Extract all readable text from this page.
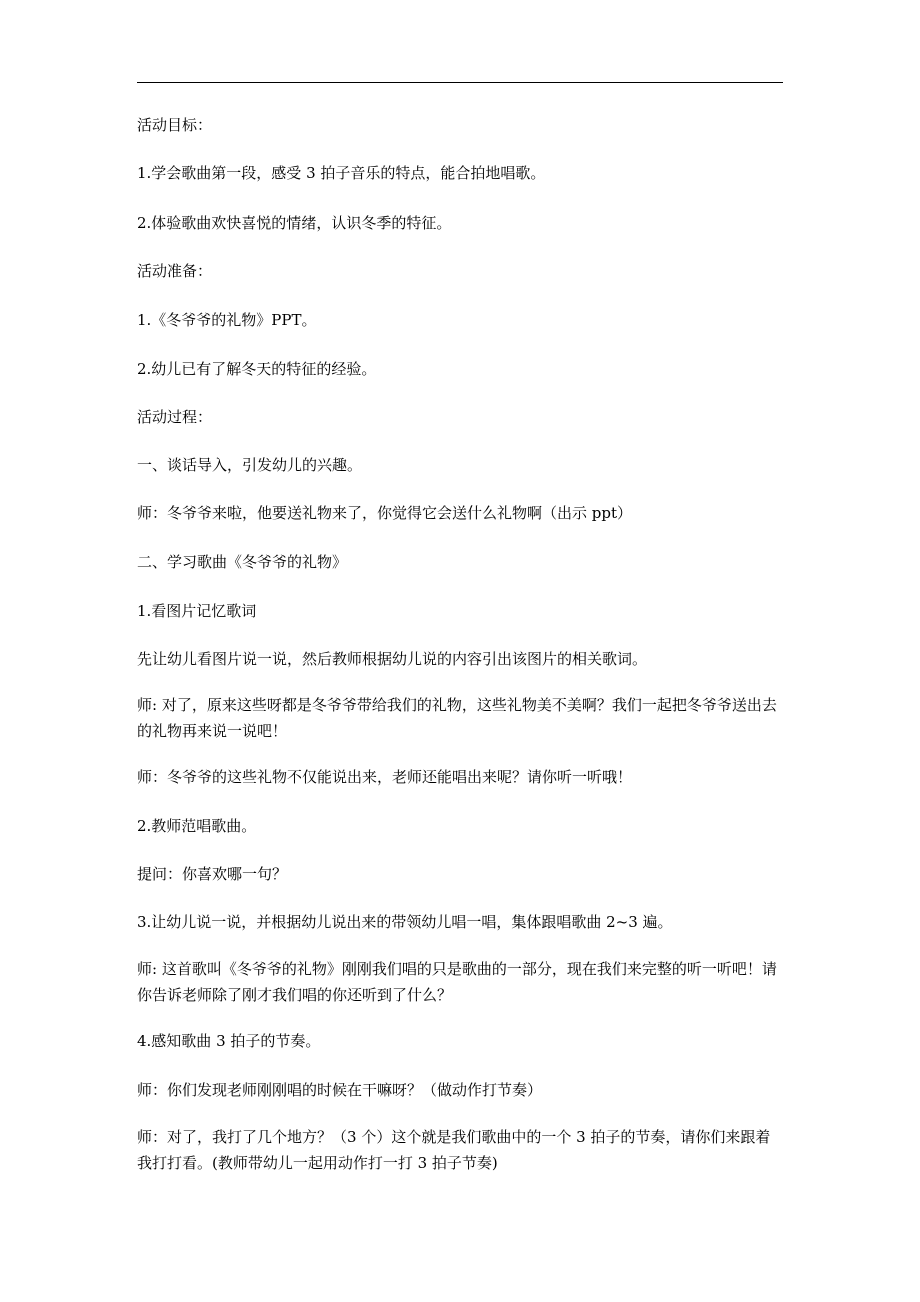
活动目标：
1.学会歌曲第一段，感受 3 拍子音乐的特点，能合拍地唱歌。
2.体验歌曲欢快喜悦的情绪，认识冬季的特征。
活动准备：
1.《冬爷爷的礼物》PPT。
2.幼儿已有了解冬天的特征的经验。
活动过程：
一、谈话导入，引发幼儿的兴趣。
师：冬爷爷来啦，他要送礼物来了，你觉得它会送什么礼物啊（出示 ppt）
二、学习歌曲《冬爷爷的礼物》
1.看图片记忆歌词
先让幼儿看图片说一说，然后教师根据幼儿说的内容引出该图片的相关歌词。
师: 对了，原来这些呀都是冬爷爷带给我们的礼物，这些礼物美不美啊？我们一起把冬爷爷送出去的礼物再来说一说吧！
师：冬爷爷的这些礼物不仅能说出来，老师还能唱出来呢？请你听一听哦！
2.教师范唱歌曲。
提问：你喜欢哪一句？
3.让幼儿说一说，并根据幼儿说出来的带领幼儿唱一唱，集体跟唱歌曲 2~3 遍。
师: 这首歌叫《冬爷爷的礼物》刚刚我们唱的只是歌曲的一部分，现在我们来完整的听一听吧！请你告诉老师除了刚才我们唱的你还听到了什么？
4.感知歌曲 3 拍子的节奏。
师：你们发现老师刚刚唱的时候在干嘛呀？（做动作打节奏）
师：对了，我打了几个地方？（3 个）这个就是我们歌曲中的一个 3 拍子的节奏，请你们来跟着我打打看。(教师带幼儿一起用动作打一打 3 拍子节奏)
